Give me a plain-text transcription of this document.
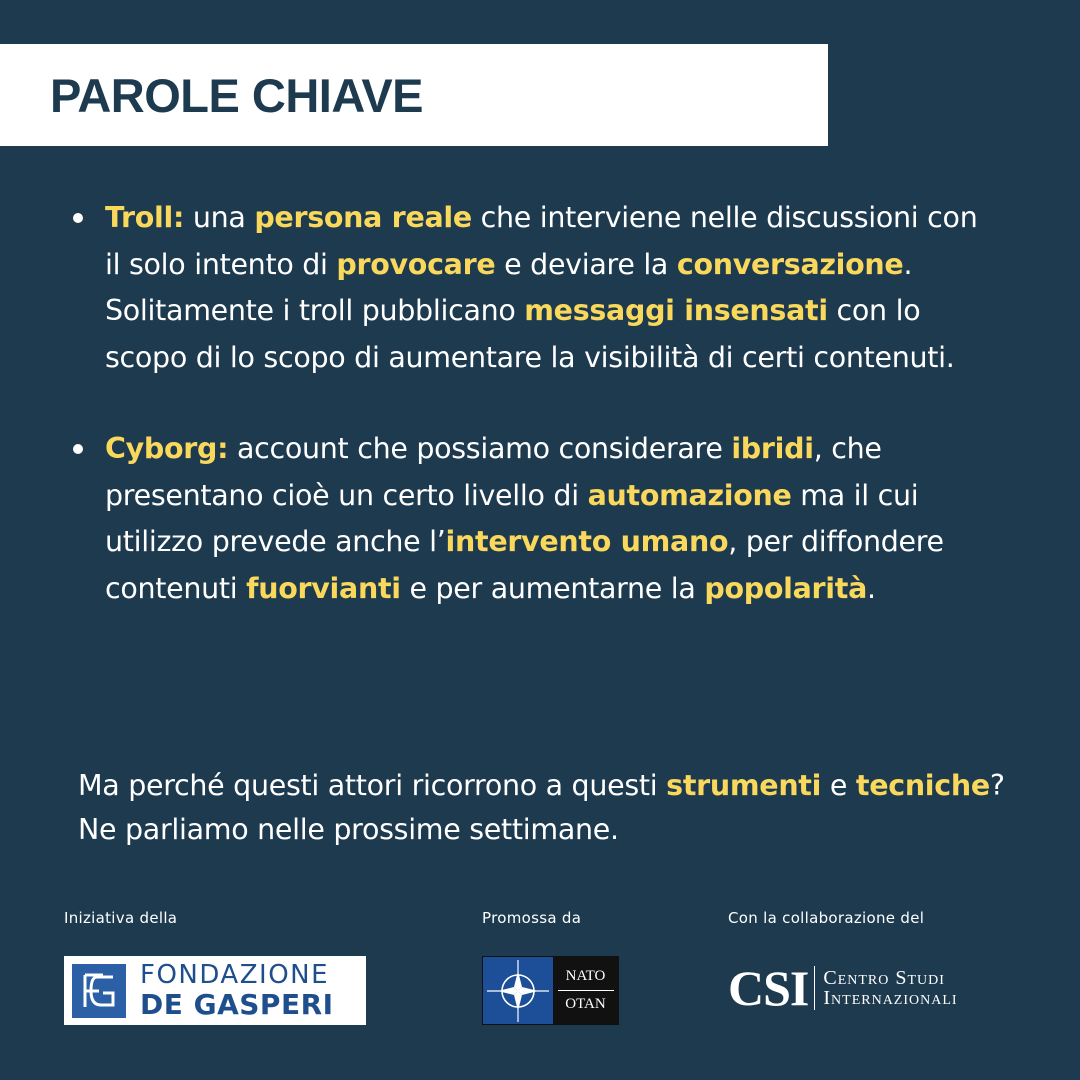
PAROLE CHIAVE
Troll: una persona reale che interviene nelle discussioni con il solo intento di provocare e deviare la conversazione. Solitamente i troll pubblicano messaggi insensati con lo scopo di lo scopo di aumentare la visibilità di certi contenuti.
Cyborg: account che possiamo considerare ibridi, che presentano cioè un certo livello di automazione ma il cui utilizzo prevede anche l’intervento umano, per diffondere contenuti fuorvianti e per aumentarne la popolarità.

Ma perché questi attori ricorrono a questi strumenti e tecniche? Ne parliamo nelle prossime settimane.

Iniziativa della	Promossa da	Con la collaborazione del
FONDAZIONE
DE GASPERI
NATO
OTAN CSI Centro Studi
Internazionali
